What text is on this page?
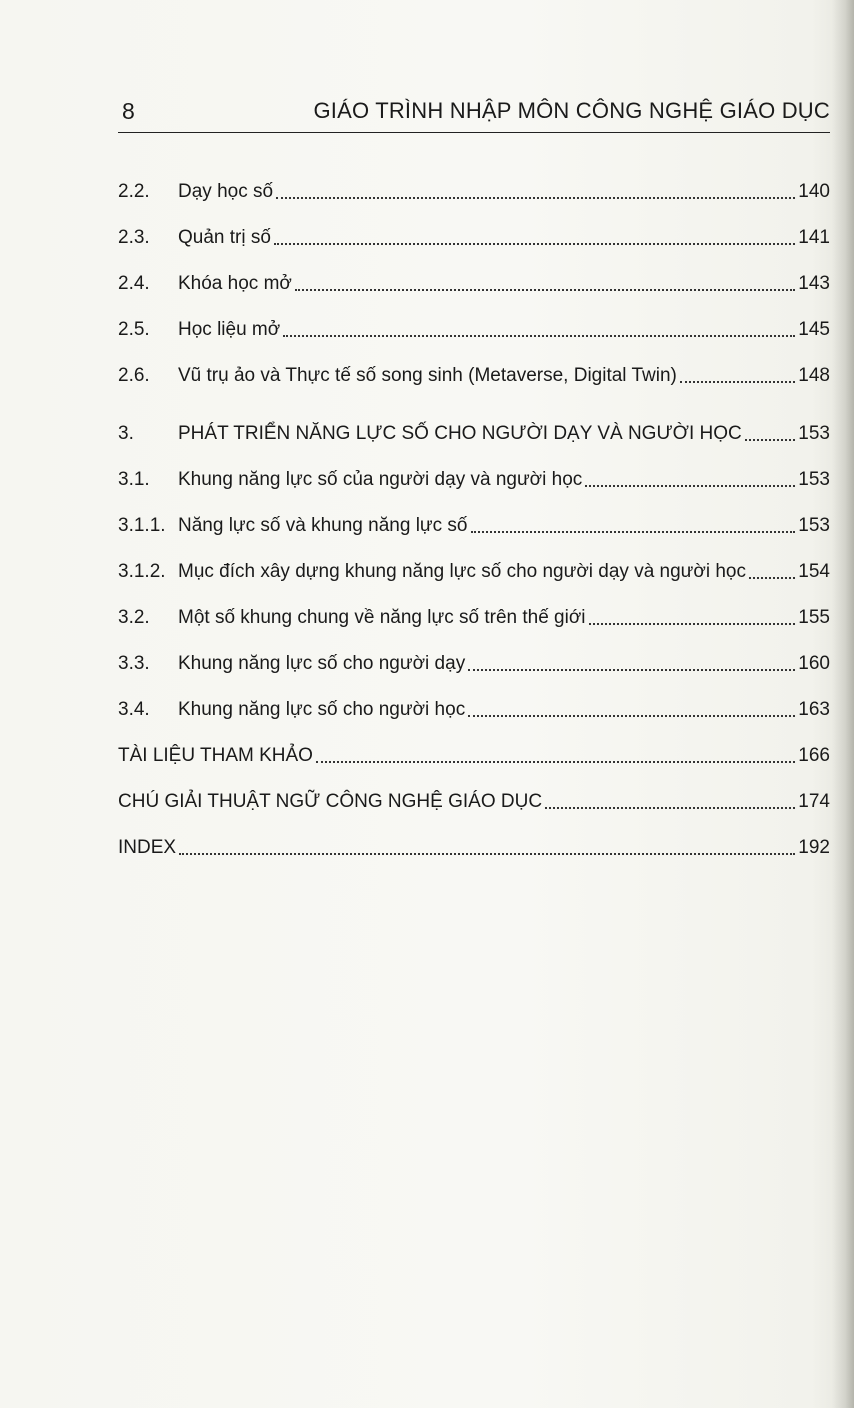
8	GIÁO TRÌNH NHẬP MÔN CÔNG NGHỆ GIÁO DỤC
2.2.	Dạy học số	140
2.3.	Quản trị số	141
2.4.	Khóa học mở	143
2.5.	Học liệu mở	145
2.6.	Vũ trụ ảo và Thực tế số song sinh (Metaverse, Digital Twin)	148
3.	PHÁT TRIỂN NĂNG LỰC SỐ CHO NGƯỜI DẠY VÀ NGƯỜI HỌC	153
3.1.	Khung năng lực số của người dạy và người học	153
3.1.1. Năng lực số và khung năng lực số	153
3.1.2. Mục đích xây dựng khung năng lực số cho người dạy và người học	154
3.2.	Một số khung chung về năng lực số trên thế giới	155
3.3.	Khung năng lực số cho người dạy	160
3.4.	Khung năng lực số cho người học	163
TÀI LIỆU THAM KHẢO	166
CHÚ GIẢI THUẬT NGỮ CÔNG NGHỆ GIÁO DỤC	174
INDEX	192
